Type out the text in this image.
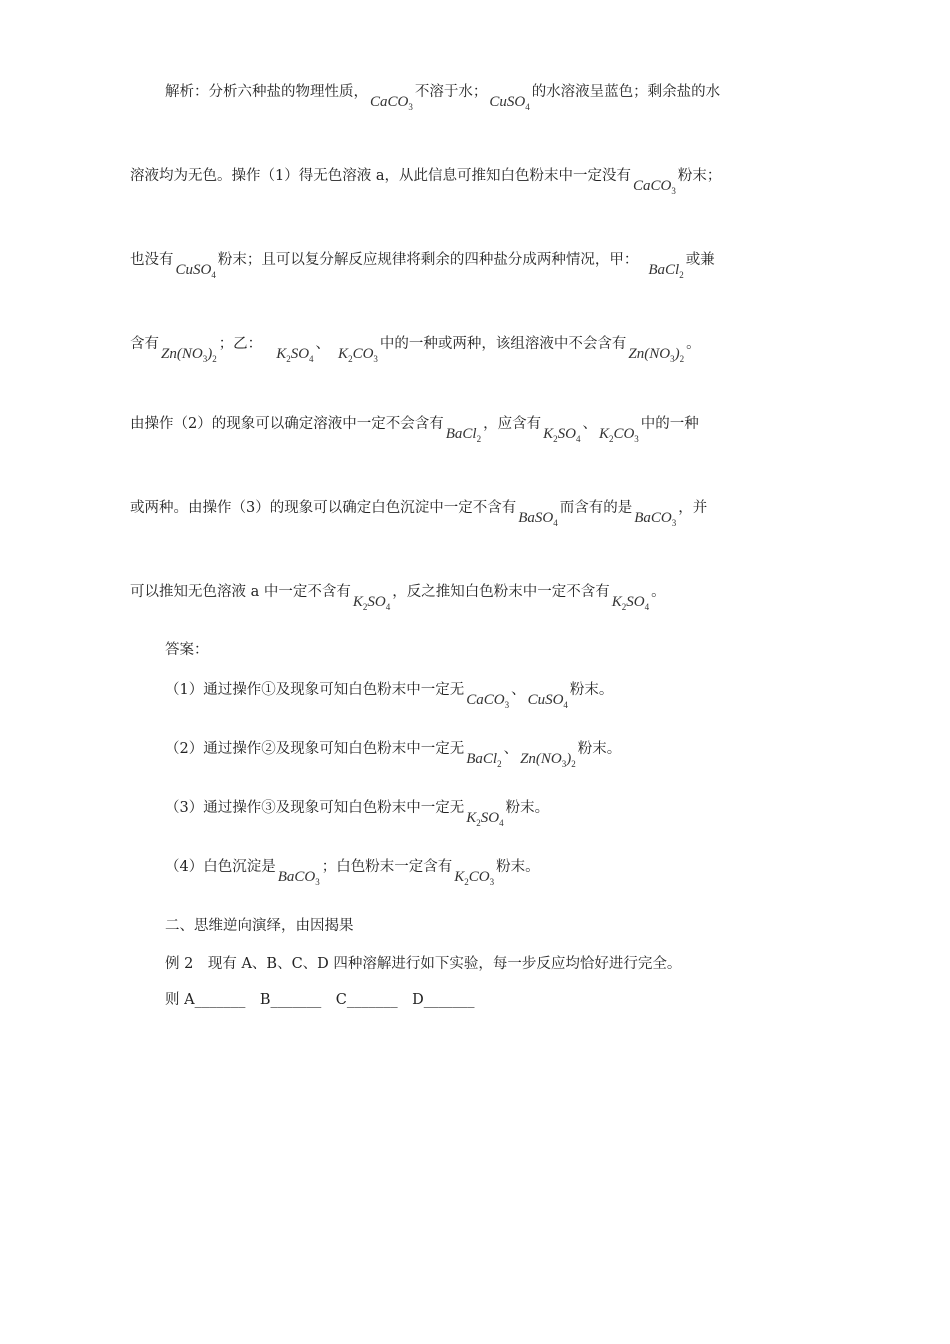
解析：分析六种盐的物理性质，CaCO$_3$不溶于水；CuSO$_4$的水溶液呈蓝色；剩余盐的水
溶液均为无色。操作（1）得无色溶液 a，从此信息可推知白色粉末中一定没有CaCO$_3$粉末；
也没有CuSO$_4$粉末；且可以复分解反应规律将剩余的四种盐分成两种情况，甲：BaCl$_2$或兼
含有$Zn(NO_3)_2$；乙：$K_2SO_4$、$K_2CO_3$中的一种或两种，该组溶液中不会含有$Zn(NO_3)_2$。
由操作（2）的现象可以确定溶液中一定不会含有BaCl$_2$，应含有$K_2SO_4$、$K_2CO_3$中的一种
或两种。由操作（3）的现象可以确定白色沉淀中一定不含有BaSO$_4$而含有的是BaCO$_3$，并
可以推知无色溶液 a 中一定不含有$K_2SO_4$，反之推知白色粉末中一定不含有$K_2SO_4$。
答案：
（1）通过操作①及现象可知白色粉末中一定无CaCO$_3$、CuSO$_4$粉末。
（2）通过操作②及现象可知白色粉末中一定无BaCl$_2$、$Zn(NO_3)_2$粉末。
（3）通过操作③及现象可知白色粉末中一定无$K_2SO_4$粉末。
（4）白色沉淀是BaCO$_3$；白色粉末一定含有$K_2CO_3$粉末。
二、思维逆向演绎，由因揭果
例 2　现有 A、B、C、D 四种溶解进行如下实验，每一步反应均恰好进行完全。
则 A_______　B_______　C_______　D_______
